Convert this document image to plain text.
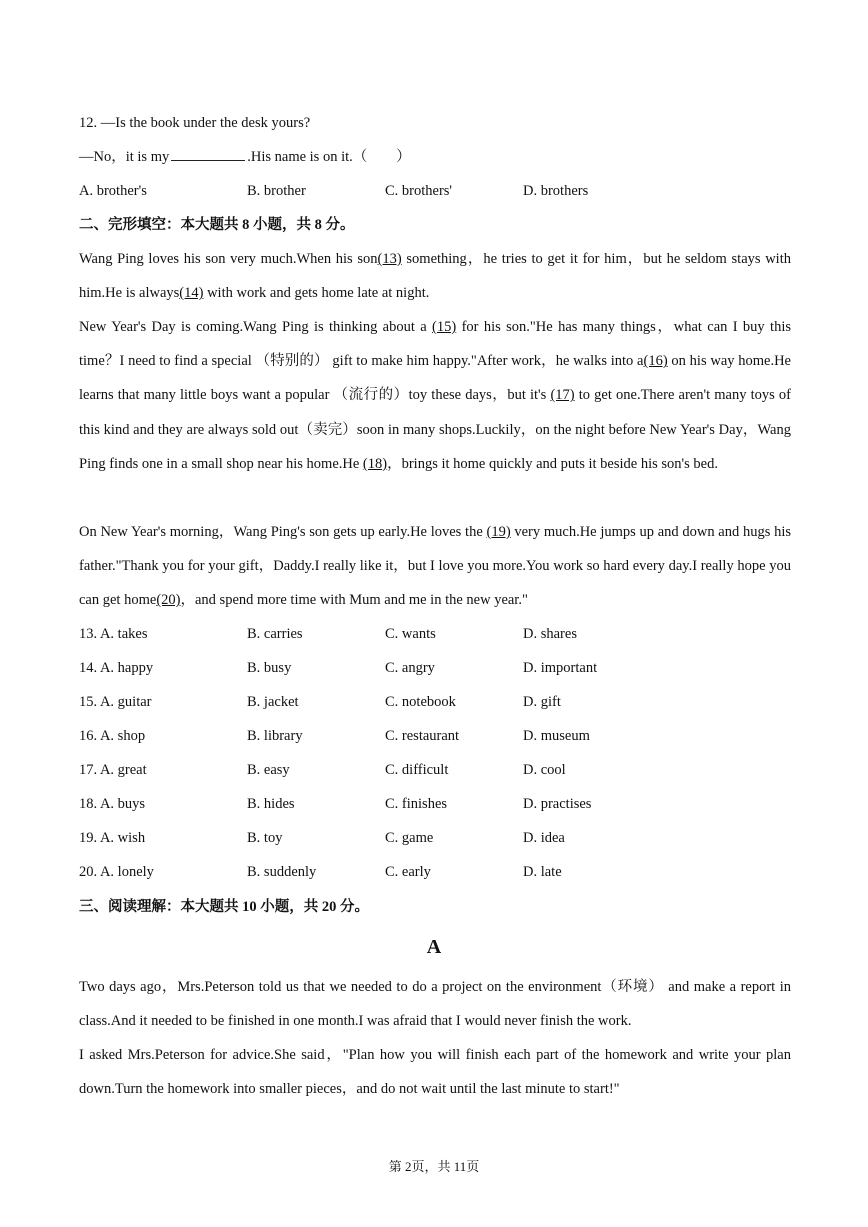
12. —Is the book under the desk yours?
—No，it is my	.His name is on it.（　　）
A. brother's	B. brother	C. brothers'	D. brothers
二、完形填空：本大题共 8 小题，共 8 分。
Wang Ping loves his son very much.When his son(13) something，he tries to get it for him，but he seldom stays with him.He is always(14) with work and gets home late at night.
New Year's Day is coming.Wang Ping is thinking about a (15) for his son."He has many things，what can I buy this time？I need to find a special （特别的） gift to make him happy."After work，he walks into a(16) on his way home.He learns that many little boys want a popular （流行的）toy these days，but it's (17) to get one.There aren't many toys of this kind and they are always sold out（卖完）soon in many shops.Luckily，on the night before New Year's Day，Wang Ping finds one in a small shop near his home.He (18)，brings it home quickly and puts it beside his son's bed.
On New Year's morning，Wang Ping's son gets up early.He loves the (19) very much.He jumps up and down and hugs his father."Thank you for your gift，Daddy.I really like it，but I love you more.You work so hard every day.I really hope you can get home(20)，and spend more time with Mum and me in the new year."
13. A. takes	B. carries	C. wants	D. shares
14. A. happy	B. busy	C. angry	D. important
15. A. guitar	B. jacket	C. notebook	D. gift
16. A. shop	B. library	C. restaurant	D. museum
17. A. great	B. easy	C. difficult	D. cool
18. A. buys	B. hides	C. finishes	D. practises
19. A. wish	B. toy	C. game	D. idea
20. A. lonely	B. suddenly	C. early	D. late
三、阅读理解：本大题共 10 小题，共 20 分。
A
Two days ago，Mrs.Peterson told us that we needed to do a project on the environment（环境） and make a report in class.And it needed to be finished in one month.I was afraid that I would never finish the work.
I asked Mrs.Peterson for advice.She said，"Plan how you will finish each part of the homework and write your plan down.Turn the homework into smaller pieces，and do not wait until the last minute to start!"
第 2页，共 11页
